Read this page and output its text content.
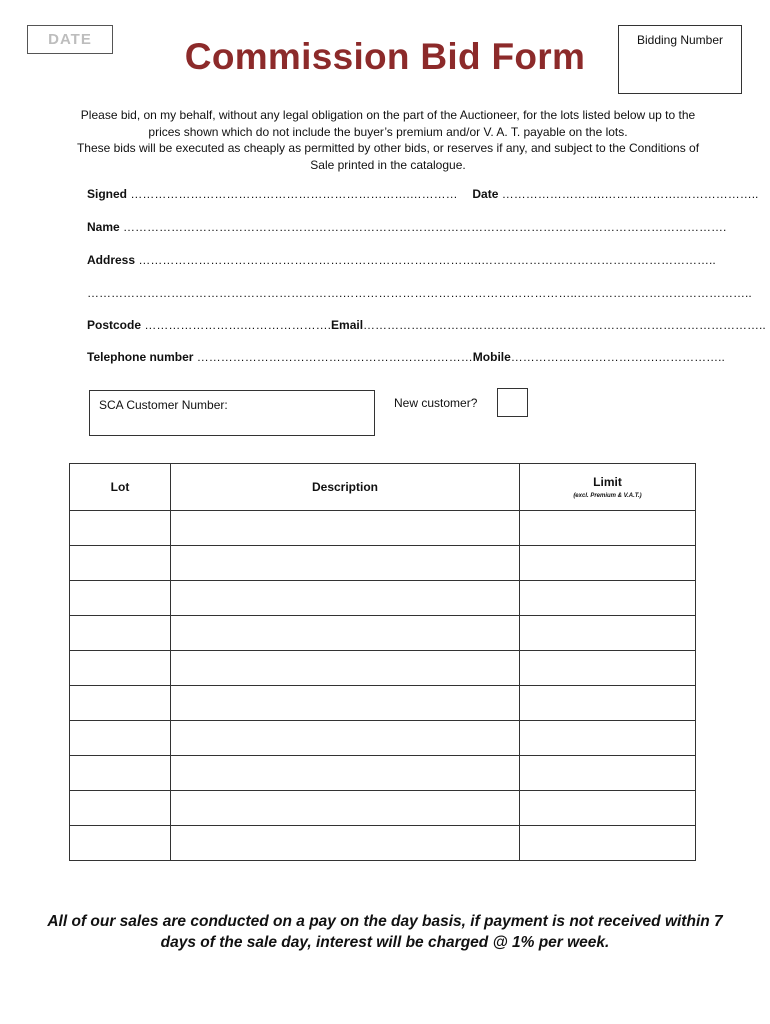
DATE	Commission Bid Form	Bidding Number
Please bid, on my behalf, without any legal obligation on the part of the Auctioneer, for the lots listed below up to the
prices shown which do not include the buyer’s premium and/or V. A. T. payable on the lots.
These bids will be executed as cheaply as permitted by other bids, or reserves if any, and subject to the Conditions of
Sale printed in the catalogue.
Signed …………………………………………………………….………… Date ……………………..……………….………………..
Name …………………………………………………………………………………………………………………………………….
Address …………………………………………………………………………..…………………………………………………..
……………………………………………………….…………………………………………………..……………………………………..
Postcode …………………….………………….Email………………………………………………………………………………………..
Telephone number ……………………………………………………………Mobile……………………………….……………..
SCA Customer Number:	New customer?
Lot	Description	Limit
(excl. Premium & V.A.T.)

All of our sales are conducted on a pay on the day basis, if payment is not received within 7
days of the sale day, interest will be charged @ 1% per week.
